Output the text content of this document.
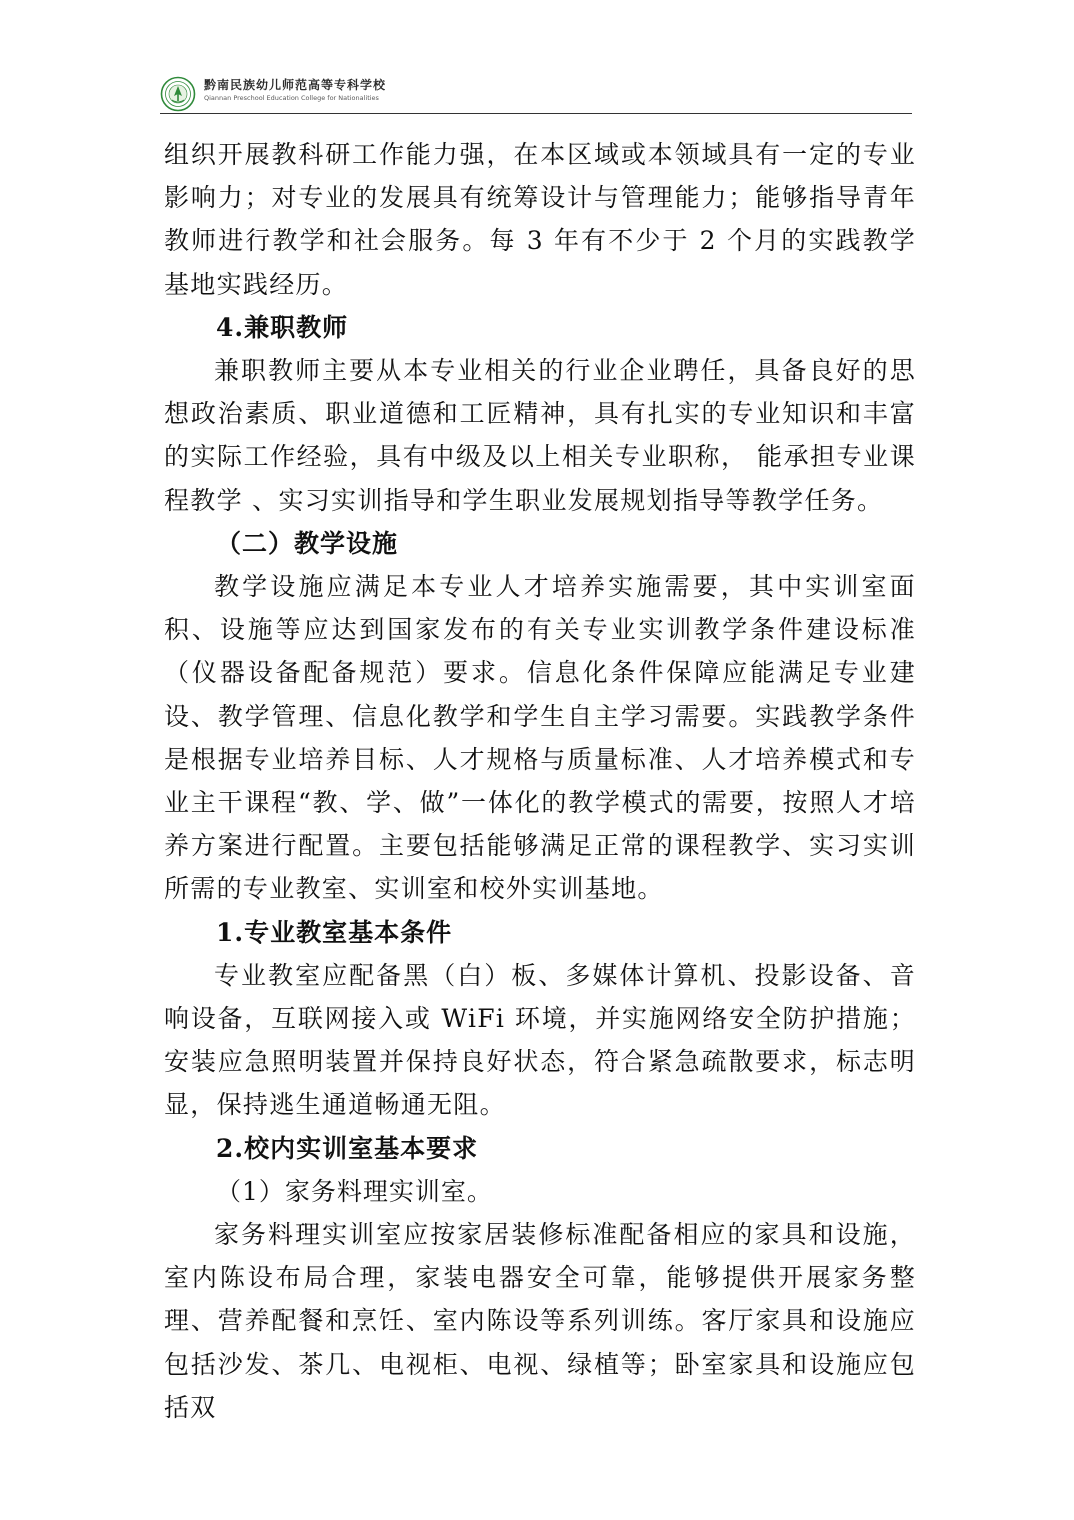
黔南民族幼儿师范高等专科学校
Qiannan Preschool Education College for Nationalities

组织开展教科研工作能力强，在本区域或本领域具有一定的专业影响力；对专业的发展具有统筹设计与管理能力；能够指导青年教师进行教学和社会服务。每 3 年有不少于 2 个月的实践教学基地实践经历。

4.兼职教师

兼职教师主要从本专业相关的行业企业聘任，具备良好的思想政治素质、职业道德和工匠精神，具有扎实的专业知识和丰富的实际工作经验，具有中级及以上相关专业职称， 能承担专业课程教学 、实习实训指导和学生职业发展规划指导等教学任务。

（二）教学设施

教学设施应满足本专业人才培养实施需要，其中实训室面积、设施等应达到国家发布的有关专业实训教学条件建设标准（仪器设备配备规范）要求。信息化条件保障应能满足专业建设、教学管理、信息化教学和学生自主学习需要。实践教学条件是根据专业培养目标、人才规格与质量标准、人才培养模式和专业主干课程“教、学、做”一体化的教学模式的需要，按照人才培养方案进行配置。主要包括能够满足正常的课程教学、实习实训所需的专业教室、实训室和校外实训基地。

1.专业教室基本条件

专业教室应配备黑（白）板、多媒体计算机、投影设备、音响设备，互联网接入或 WiFi 环境，并实施网络安全防护措施；安装应急照明装置并保持良好状态，符合紧急疏散要求，标志明显，保持逃生通道畅通无阻。

2.校内实训室基本要求

（1）家务料理实训室。

家务料理实训室应按家居装修标准配备相应的家具和设施，室内陈设布局合理，家装电器安全可靠，能够提供开展家务整理、营养配餐和烹饪、室内陈设等系列训练。客厅家具和设施应包括沙发、茶几、电视柜、电视、绿植等；卧室家具和设施应包括双
